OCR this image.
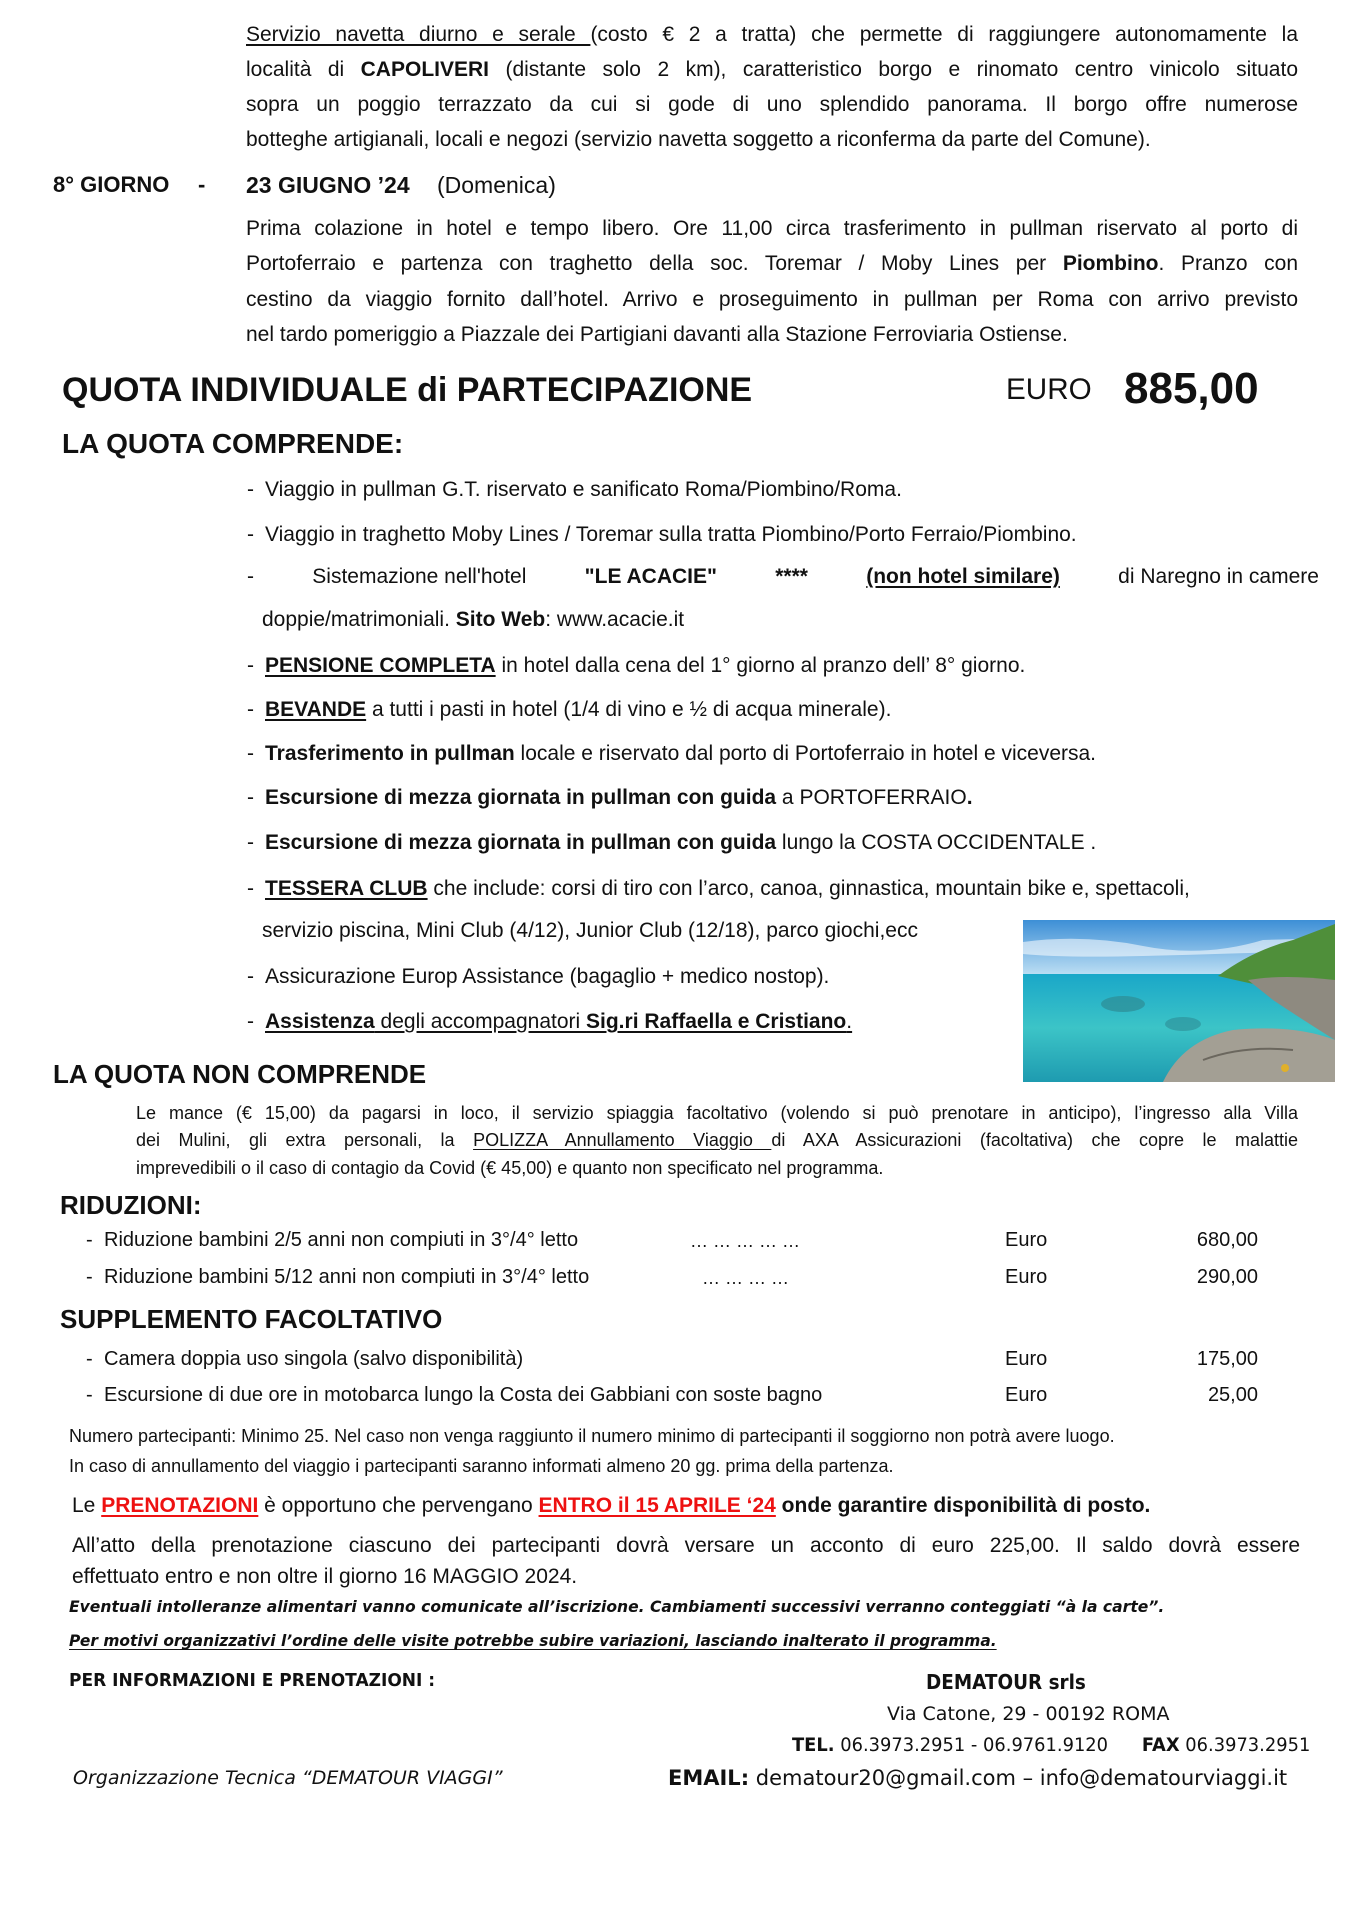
Servizio navetta diurno e serale (costo € 2 a tratta) che permette di raggiungere autonomamente la
località di CAPOLIVERI (distante solo 2 km), caratteristico borgo e rinomato centro vinicolo situato
sopra un poggio terrazzato da cui si gode di uno splendido panorama. Il borgo offre numerose
botteghe artigianali, locali e negozi (servizio navetta soggetto a riconferma da parte del Comune).
8° GIORNO - 23 GIUGNO ’24 (Domenica)
Prima colazione in hotel e tempo libero. Ore 11,00 circa trasferimento in pullman riservato al porto di
Portoferraio e partenza con traghetto della soc. Toremar / Moby Lines per Piombino. Pranzo con
cestino da viaggio fornito dall’hotel. Arrivo e proseguimento in pullman per Roma con arrivo previsto
nel tardo pomeriggio a Piazzale dei Partigiani davanti alla Stazione Ferroviaria Ostiense.
QUOTA INDIVIDUALE di PARTECIPAZIONE	EURO 885,00
LA QUOTA COMPRENDE:
- Viaggio in pullman G.T. riservato e sanificato Roma/Piombino/Roma.
- Viaggio in traghetto Moby Lines / Toremar sulla tratta Piombino/Porto Ferraio/Piombino.
-	Sistemazione nell'hotel	"LE ACACIE"	****	(non hotel similare)	di Naregno in camere
doppie/matrimoniali. Sito Web: www.acacie.it
- PENSIONE COMPLETA in hotel dalla cena del 1° giorno al pranzo dell’ 8° giorno.
- BEVANDE a tutti i pasti in hotel (1/4 di vino e ½ di acqua minerale).
- Trasferimento in pullman locale e riservato dal porto di Portoferraio in hotel e viceversa.
- Escursione di mezza giornata in pullman con guida a PORTOFERRAIO.
- Escursione di mezza giornata in pullman con guida lungo la COSTA OCCIDENTALE .
- TESSERA CLUB che include: corsi di tiro con l’arco, canoa, ginnastica, mountain bike e, spettacoli,
servizio piscina, Mini Club (4/12), Junior Club (12/18), parco giochi,ecc
- Assicurazione Europ Assistance (bagaglio + medico nostop).
- Assistenza degli accompagnatori Sig.ri Raffaella e Cristiano.
LA QUOTA NON COMPRENDE
Le mance (€ 15,00) da pagarsi in loco, il servizio spiaggia facoltativo (volendo si può prenotare in anticipo), l’ingresso alla Villa
dei Mulini, gli extra personali, la POLIZZA Annullamento Viaggio di AXA Assicurazioni (facoltativa) che copre le malattie
imprevedibili o il caso di contagio da Covid (€ 45,00) e quanto non specificato nel programma.
RIDUZIONI:
- Riduzione bambini 2/5 anni non compiuti in 3°/4° letto	… … … … …	Euro	680,00
- Riduzione bambini 5/12 anni non compiuti in 3°/4° letto	… … … …	Euro	290,00
SUPPLEMENTO FACOLTATIVO
- Camera doppia uso singola (salvo disponibilità)	Euro	175,00
- Escursione di due ore in motobarca lungo la Costa dei Gabbiani con soste bagno	Euro	25,00
Numero partecipanti: Minimo 25. Nel caso non venga raggiunto il numero minimo di partecipanti il soggiorno non potrà avere luogo.
In caso di annullamento del viaggio i partecipanti saranno informati almeno 20 gg. prima della partenza.
Le PRENOTAZIONI è opportuno che pervengano ENTRO il 15 APRILE ‘24 onde garantire disponibilità di posto.
All’atto della prenotazione ciascuno dei partecipanti dovrà versare un acconto di euro 225,00. Il saldo dovrà essere
effettuato entro e non oltre il giorno 16 MAGGIO 2024.
Eventuali intolleranze alimentari vanno comunicate all’iscrizione. Cambiamenti successivi verranno conteggiati “à la carte”.
Per motivi organizzativi l’ordine delle visite potrebbe subire variazioni, lasciando inalterato il programma.
PER INFORMAZIONI E PRENOTAZIONI :	DEMATOUR srls
Via Catone, 29 - 00192 ROMA
TEL. 06.3973.2951 - 06.9761.9120 FAX 06.3973.2951
Organizzazione Tecnica “DEMATOUR VIAGGI”	EMAIL: dematour20@gmail.com – info@dematourviaggi.it
